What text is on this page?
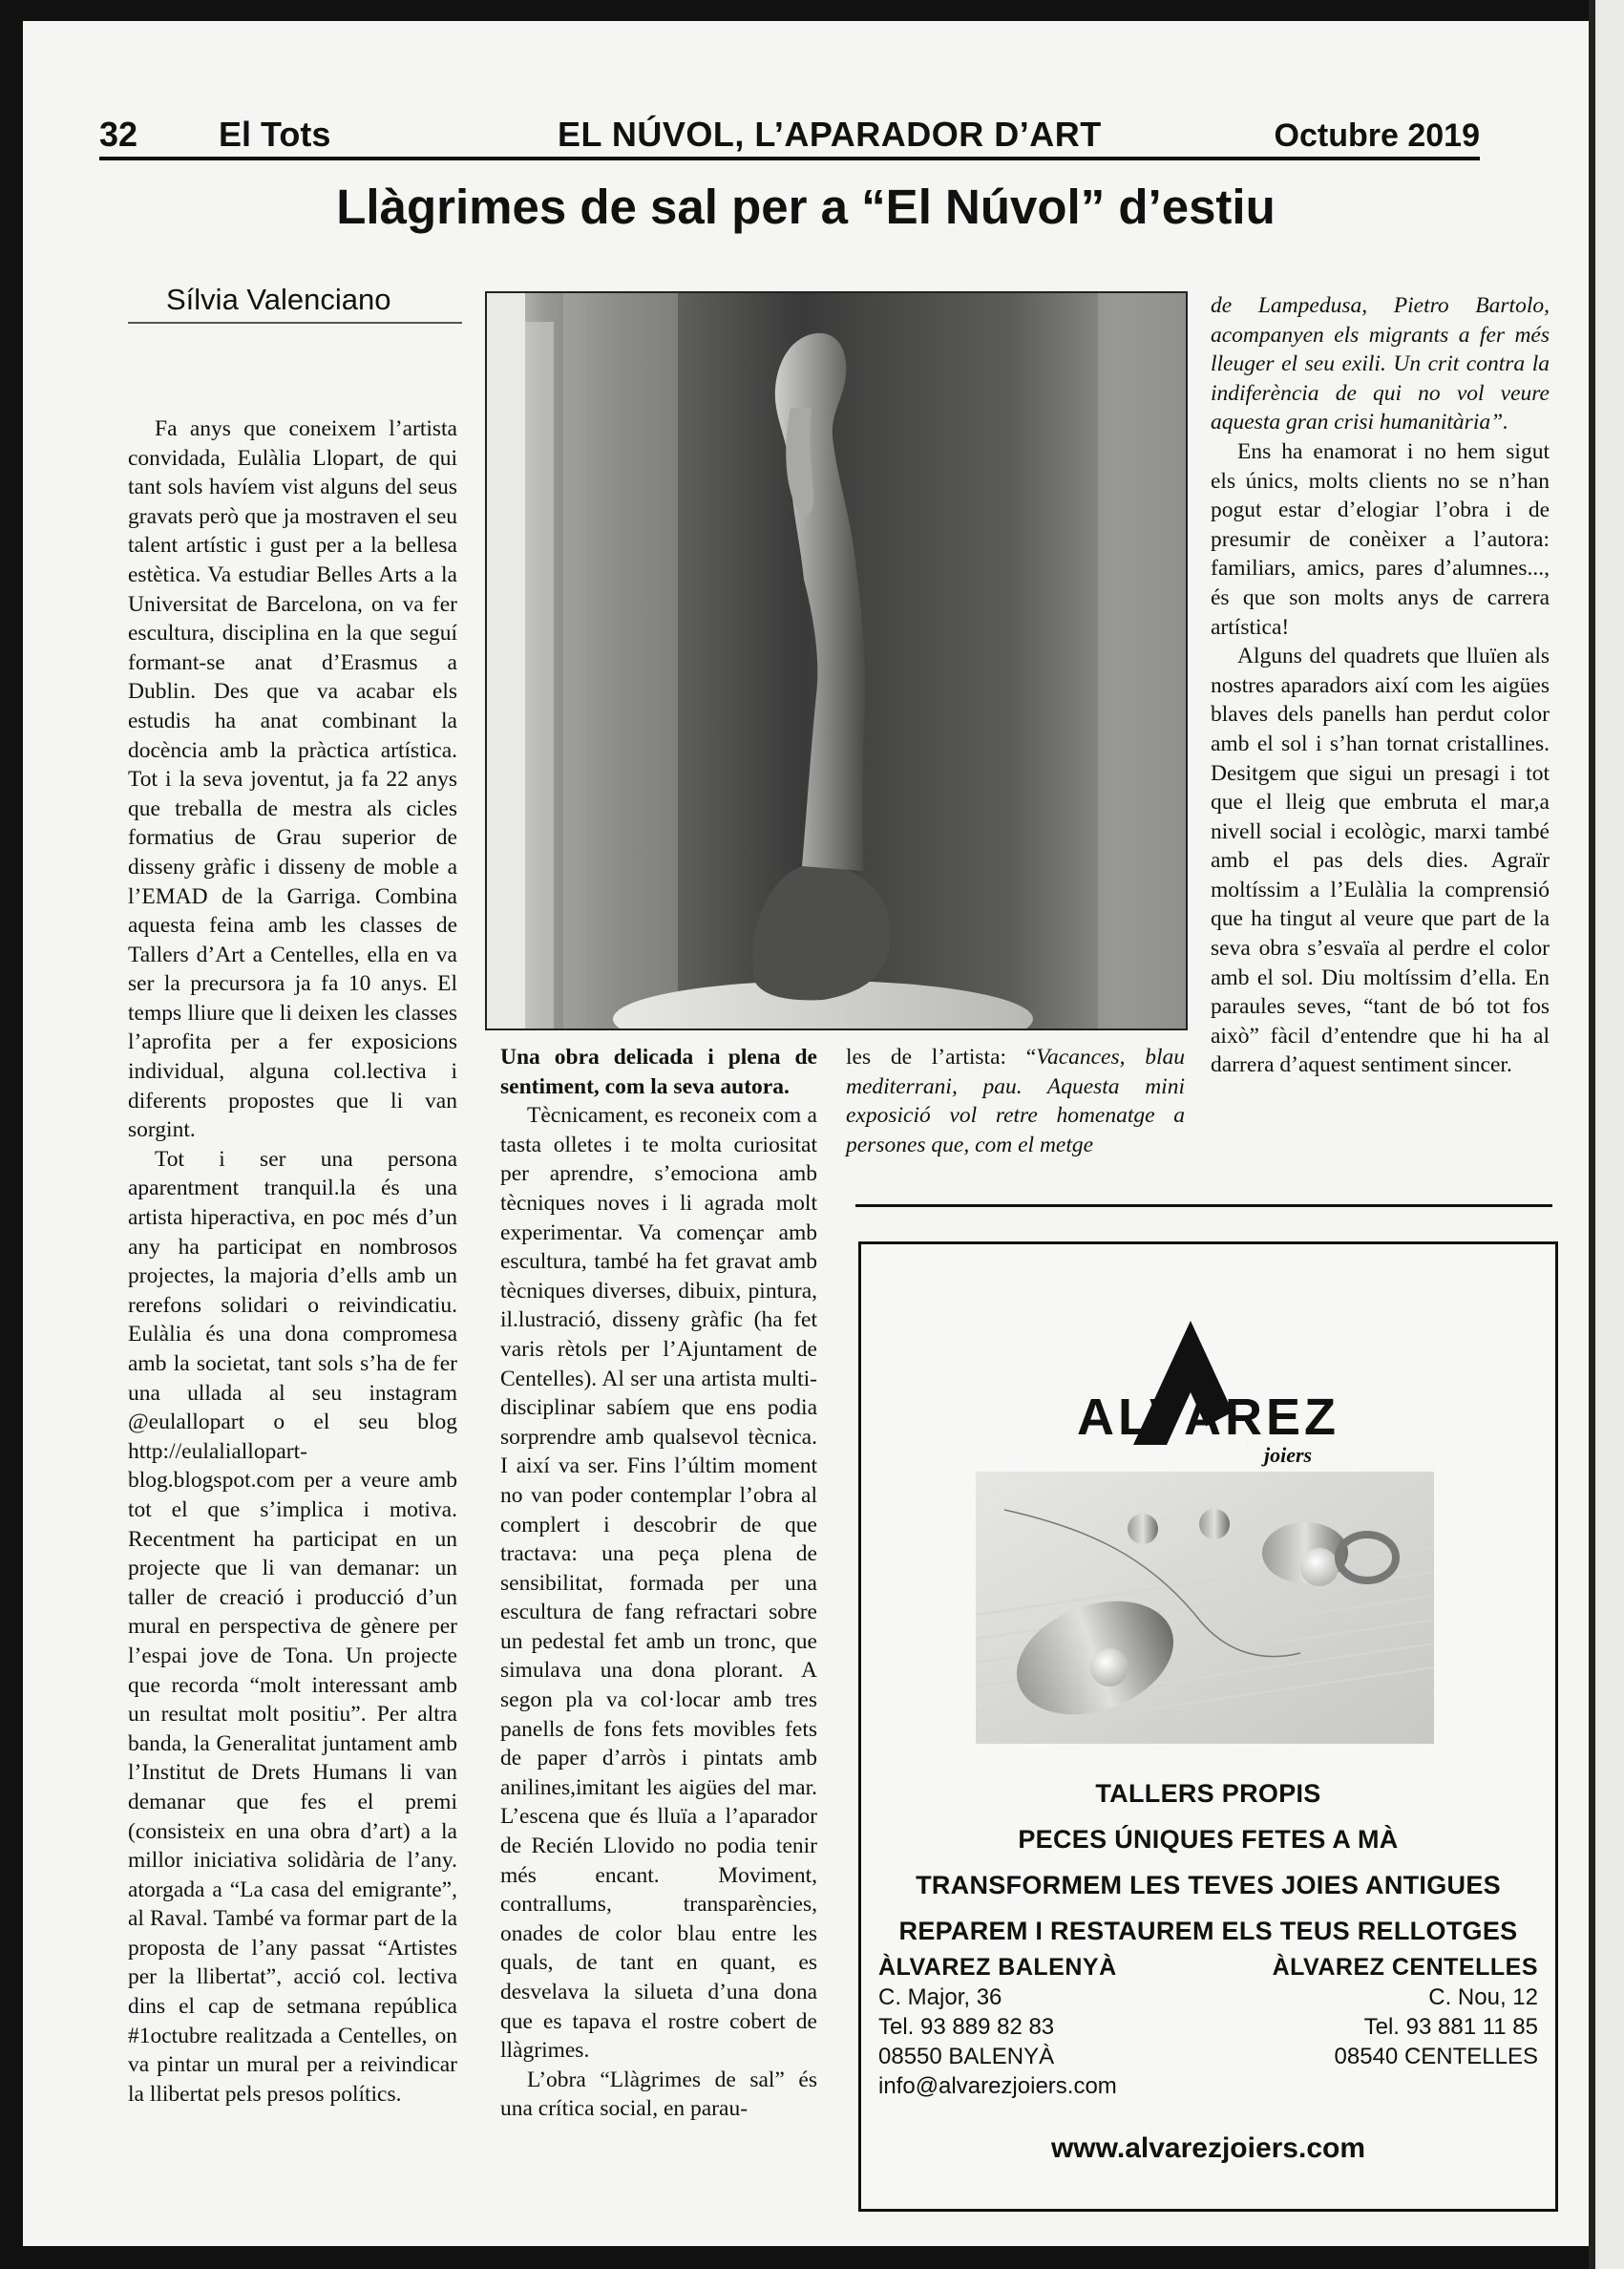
32 El Tots	EL NÚVOL, L’APARADOR D’ART	Octubre 2019
Llàgrimes de sal per a “El Núvol” d’estiu
Sílvia Valenciano

Fa anys que coneixem l’artista convidada, Eulàlia Llopart, de qui tant sols havíem vist alguns del seus gravats però que ja mostraven el seu talent artístic i gust per a la bellesa estètica. Va estudiar Belles Arts a la Universitat de Barcelona, on va fer escultura, disciplina en la que seguí formant-se anat d’Erasmus a Dublin. Des que va acabar els estudis ha anat combinant la docència amb la pràctica artística. Tot i la seva joventut, ja fa 22 anys que treballa de mestra als cicles formatius de Grau superior de disseny gràfic i disseny de moble a l’EMAD de la Garriga. Combina aquesta feina amb les classes de Tallers d’Art a Centelles, ella en va ser la precursora ja fa 10 anys. El temps lliure que li deixen les classes l’aprofita per a fer exposicions individual, alguna col.lectiva i diferents propostes que li van sorgint.

Tot i ser una persona aparentment tranquil.la és una artista hiperactiva, en poc més d’un any ha participat en nombrosos projectes, la majoria d’ells amb un rerefons solidari o reivindicatiu. Eulàlia és una dona compromesa amb la societat, tant sols s’ha de fer una ullada al seu instagram @eulallopart o el seu blog http://eulaliallopart-blog.blogspot.com per a veure amb tot el que s’implica i motiva. Recentment ha participat en un projecte que li van demanar: un taller de creació i producció d’un mural en perspectiva de gènere per l’espai jove de Tona. Un projecte que recorda “molt interessant amb un resultat molt positiu”. Per altra banda, la Generalitat juntament amb l’Institut de Drets Humans li van demanar que fes el premi (consisteix en una obra d’art) a la millor iniciativa solidària de l’any. atorgada a “La casa del emigrante”, al Raval. També va formar part de la proposta de l’any passat “Artistes per la llibertat”, acció col. lectiva dins el cap de setmana república #1octubre realitzada a Centelles, on va pintar un mural per a reivindicar la llibertat pels presos polítics.

Una obra delicada i plena de sentiment, com la seva autora.

Tècnicament, es reconeix com a tasta olletes i te molta curiositat per aprendre, s’emociona amb tècniques noves i li agrada molt experimentar. Va començar amb escultura, també ha fet gravat amb tècniques diverses, dibuix, pintura, il.lustració, disseny gràfic (ha fet varis rètols per l’Ajuntament de Centelles). Al ser una artista multi-disciplinar sabíem que ens podia sorprendre amb qualsevol tècnica. I així va ser. Fins l’últim moment no van poder contemplar l’obra al complert i descobrir de que tractava: una peça plena de sensibilitat, formada per una escultura de fang refractari sobre un pedestal fet amb un tronc, que simulava una dona plorant. A segon pla va col·locar amb tres panells de fons fets movibles fets de paper d’arròs i pintats amb anilines,imitant les aigües del mar. L’escena que és lluïa a l’aparador de Recién Llovido no podia tenir més encant. Moviment, contrallums, transparències, onades de color blau entre les quals, de tant en quant, es desvelava la silueta d’una dona que es tapava el rostre cobert de llàgrimes.

L’obra “Llàgrimes de sal” és una crítica social, en parau-

les de l’artista: “Vacances, blau mediterrani, pau. Aquesta mini exposició vol retre homenatge a persones que, com el metge

de Lampedusa, Pietro Bartolo, acompanyen els migrants a fer més lleuger el seu exili. Un crit contra la indiferència de qui no vol veure aquesta gran crisi humanitària”.

Ens ha enamorat i no hem sigut els únics, molts clients no se n’han pogut estar d’elogiar l’obra i de presumir de conèixer a l’autora: familiars, amics, pares d’alumnes..., és que son molts anys de carrera artística!

Alguns del quadrets que lluïen als nostres aparadors així com les aigües blaves dels panells han perdut color amb el sol i s’han tornat cristallines. Desitgem que sigui un presagi i tot que el lleig que embruta el mar,a nivell social i ecològic, marxi també amb el pas dels dies. Agraïr moltíssim a l’Eulàlia la comprensió que ha tingut al veure que part de la seva obra s’esvaïa al perdre el color amb el sol. Diu moltíssim d’ella. En paraules seves, “tant de bó tot fos això” fàcil d’entendre que hi ha al darrera d’aquest sentiment sincer.

ALVAREZ
joiers
TALLERS PROPIS
PECES ÚNIQUES FETES A MÀ
TRANSFORMEM LES TEVES JOIES ANTIGUES
REPAREM I RESTAUREM ELS TEUS RELLOTGES
ÀLVAREZ BALENYÀ
C. Major, 36
Tel. 93 889 82 83
08550 BALENYÀ
info@alvarezjoiers.com
ÀLVAREZ CENTELLES
C. Nou, 12
Tel. 93 881 11 85
08540 CENTELLES
www.alvarezjoiers.com
